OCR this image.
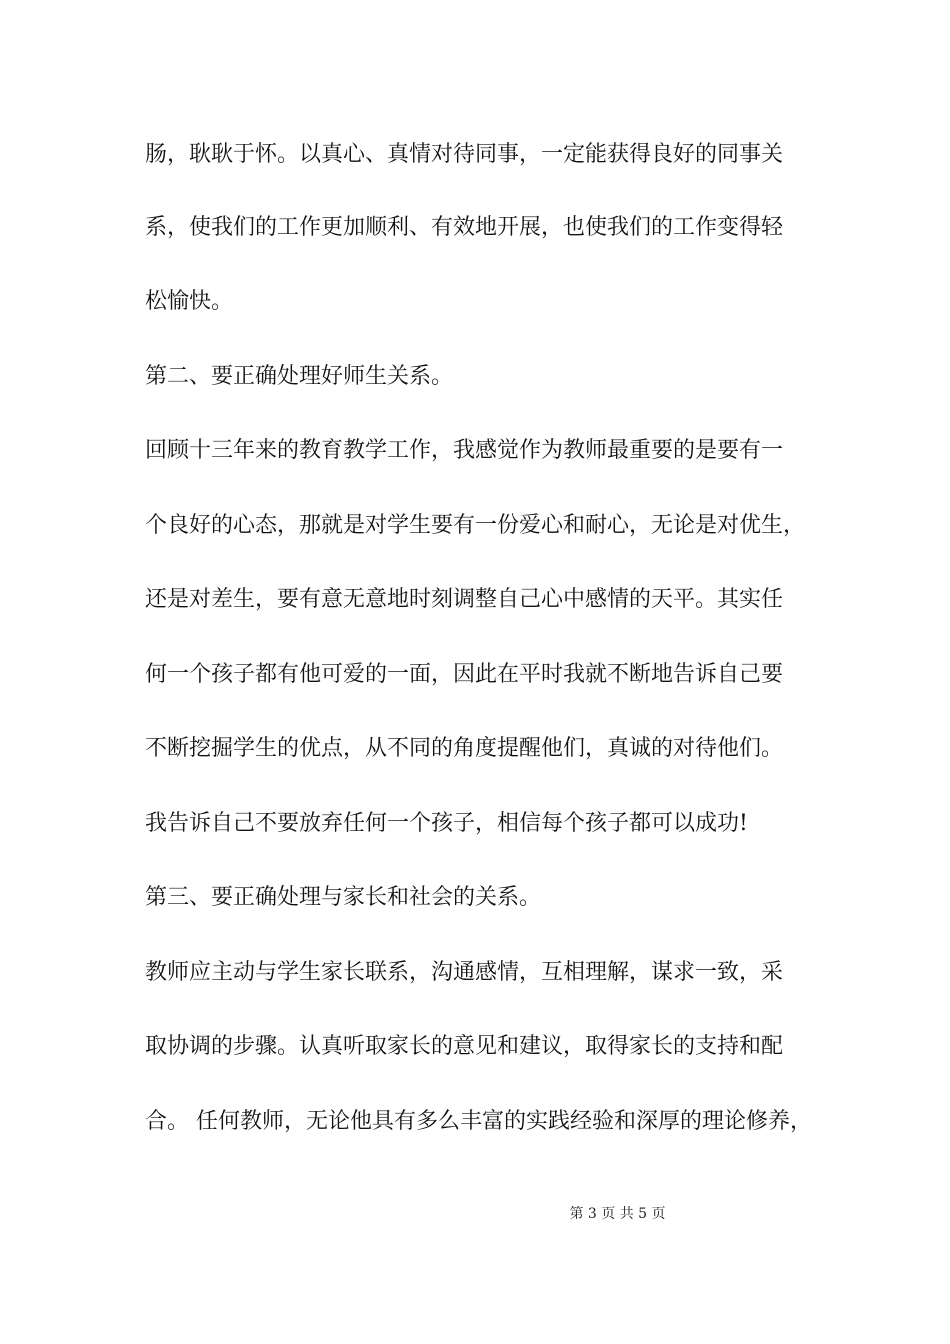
肠，耿耿于怀。以真心、真情对待同事，一定能获得良好的同事关
系，使我们的工作更加顺利、有效地开展，也使我们的工作变得轻
松愉快。
第二、要正确处理好师生关系。
回顾十三年来的教育教学工作，我感觉作为教师最重要的是要有一
个良好的心态，那就是对学生要有一份爱心和耐心，无论是对优生，
还是对差生，要有意无意地时刻调整自己心中感情的天平。其实任
何一个孩子都有他可爱的一面，因此在平时我就不断地告诉自己要
不断挖掘学生的优点，从不同的角度提醒他们，真诚的对待他们。
我告诉自己不要放弃任何一个孩子，相信每个孩子都可以成功!
第三、要正确处理与家长和社会的关系。
教师应主动与学生家长联系，沟通感情，互相理解，谋求一致，采
取协调的步骤。认真听取家长的意见和建议，取得家长的支持和配
合。 任何教师，无论他具有多么丰富的实践经验和深厚的理论修养，
第 3 页 共 5 页
